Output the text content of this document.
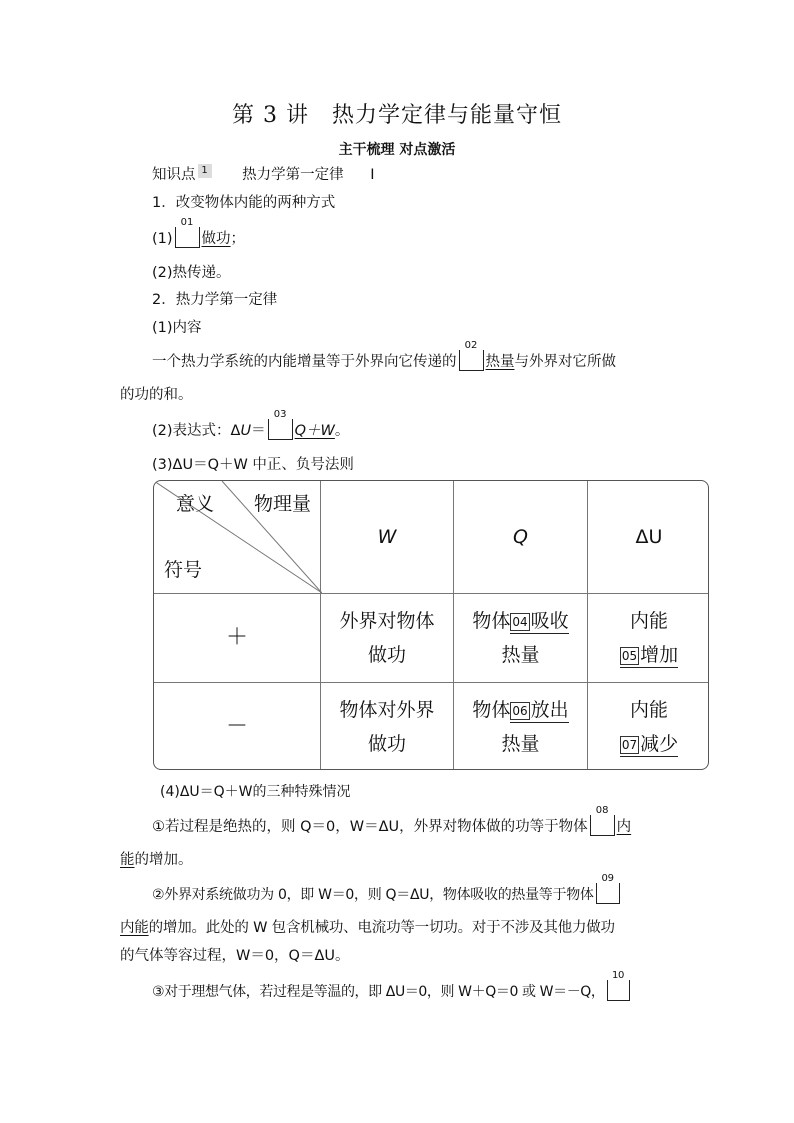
第 3 讲　热力学定律与能量守恒
主干梳理 对点激活
知识点 1 热力学第一定律 Ⅰ
1．改变物体内能的两种方式
(1)
01
做功；
(2)热传递。
2．热力学第一定律
(1)内容
一个热力学系统的内能增量等于外界向它传递的
02
热量与外界对它所做
的功的和。
(2)表达式：ΔU＝
03
Q＋W。
(3)ΔU＝Q＋W 中正、负号法则
意义 物理量
符号
W	Q	ΔU
＋
外界对物体
做功
物体 04 吸收
热量
内能
05 增加
－
物体对外界
做功
物体 06 放出
热量
内能
07 减少
(4)ΔU＝Q＋W的三种特殊情况
①若过程是绝热的，则 Q＝0，W＝ΔU，外界对物体做的功等于物体
08
内
能的增加。
②外界对系统做功为 0，即 W＝0，则 Q＝ΔU，物体吸收的热量等于物体
09
内能的增加。此处的 W 包含机械功、电流功等一切功。对于不涉及其他力做功
的气体等容过程，W＝0，Q＝ΔU。
③对于理想气体，若过程是等温的，即 ΔU＝0，则 W＋Q＝0 或 W＝－Q，
10
